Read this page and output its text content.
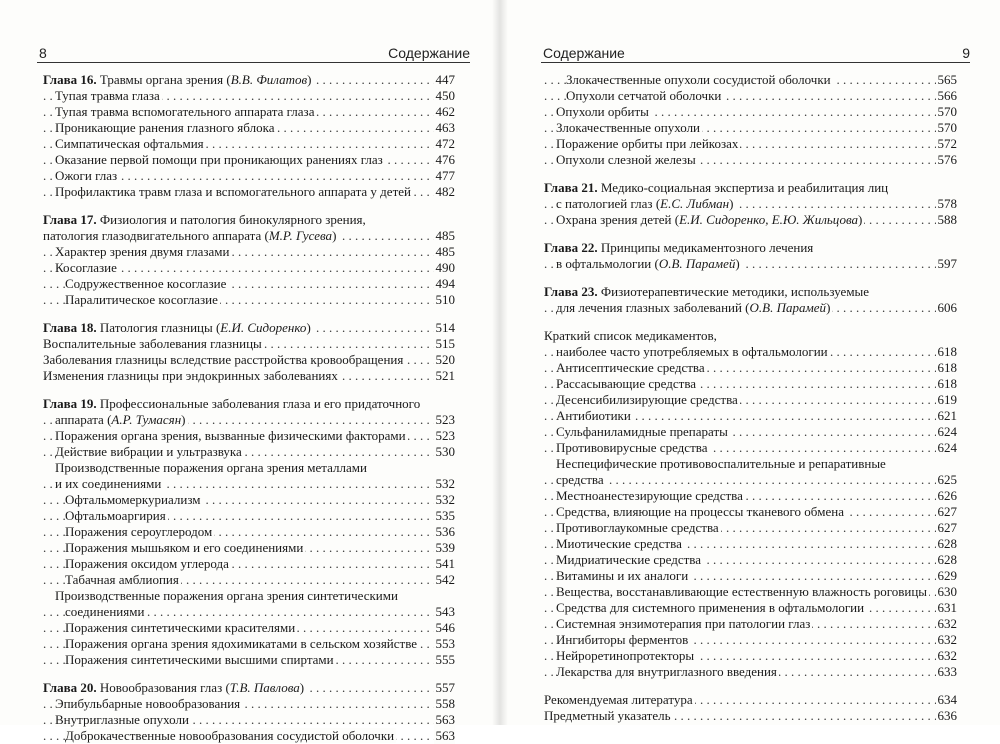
8	Содержание
. . . Глава 16. Травмы органа зрения (В.В. Филатов)	447
. . . Тупая травма глаза	450
. . . Тупая травма вспомогательного аппарата глаза	462
. . . Проникающие ранения глазного яблока	463
. . . Симпатическая офтальмия	472
. . . Оказание первой помощи при проникающих ранениях глаз	476
. . . Ожоги глаз	477
. . . Профилактика травм глаза и вспомогательного аппарата у детей 482
Глава 17. Физиология и патология бинокулярного зрения,
. . . патология глазодвигательного аппарата (М.Р. Гусева)	485
. . . Характер зрения двумя глазами	485
. . . Косоглазие	490
. . . Содружественное косоглазие	494
. . . Паралитическое косоглазие	510
. . . Глава 18. Патология глазницы (Е.И. Сидоренко)	514
. . . Воспалительные заболевания глазницы	515
. . . Заболевания глазницы вследствие расстройства кровообращения 520
. . . Изменения глазницы при эндокринных заболеваниях	521
Глава 19. Профессиональные заболевания глаза и его придаточного
. . . аппарата (А.Р. Тумасян)	523
. . . Поражения органа зрения, вызванные физическими факторами 523
. . . Действие вибрации и ультразвука	530
Производственные поражения органа зрения металлами
. . . и их соединениями	532
. . . Офтальмомеркуриализм	532
. . . Офтальмоаргирия	535
. . . Поражения сероуглеродом	536
. . . Поражения мышьяком и его соединениями	539
. . . Поражения оксидом углерода	541
. . . Табачная амблиопия	542
Производственные поражения органа зрения синтетическими
. . . соединениями	543
. . . Поражения синтетическими красителями	546
. . . Поражения органа зрения ядохимикатами в сельском хозяйстве 553
. . . Поражения синтетическими высшими спиртами	555
. . . Глава 20. Новообразования глаз (Т.В. Павлова)	557
. . . Эпибульбарные новообразования	558
. . . Внутриглазные опухоли	563
. . . Доброкачественные новообразования сосудистой оболочки	563
Содержание	9
. . . Злокачественные опухоли сосудистой оболочки	565
. . . Опухоли сетчатой оболочки	566
. . . Опухоли орбиты	570
. . . Злокачественные опухоли	570
. . . Поражение орбиты при лейкозах	572
. . . Опухоли слезной железы	576
Глава 21. Медико-социальная экспертиза и реабилитация лиц
. . . с патологией глаз (Е.С. Либман)	578
. . . Охрана зрения детей (Е.И. Сидоренко, Е.Ю. Жильцова)	588
Глава 22. Принципы медикаментозного лечения
. . . в офтальмологии (О.В. Парамей)	597
Глава 23. Физиотерапевтические методики, используемые
. . . для лечения глазных заболеваний (О.В. Парамей)	606
Краткий список медикаментов,
. . . наиболее часто употребляемых в офтальмологии	618
. . . Антисептические средства	618
. . . Рассасывающие средства	618
. . . Десенсибилизирующие средства	619
. . . Антибиотики	621
. . . Сульфаниламидные препараты	624
. . . Противовирусные средства	624
Неспецифические противовоспалительные и репаративные
. . . средства	625
. . . Местноанестезирующие средства	626
. . . Средства, влияющие на процессы тканевого обмена	627
. . . Противоглаукомные средства	627
. . . Миотические средства	628
. . . Мидриатические средства	628
. . . Витамины и их аналоги	629
. . . Вещества, восстанавливающие естественную влажность роговицы 630
. . . Средства для системного применения в офтальмологии	631
. . . Системная энзимотерапия при патологии глаз	632
. . . Ингибиторы ферментов	632
. . . Нейроретинопротекторы	632
. . . Лекарства для внутриглазного введения	633
. . . Рекомендуемая литература	634
. . . Предметный указатель	636
